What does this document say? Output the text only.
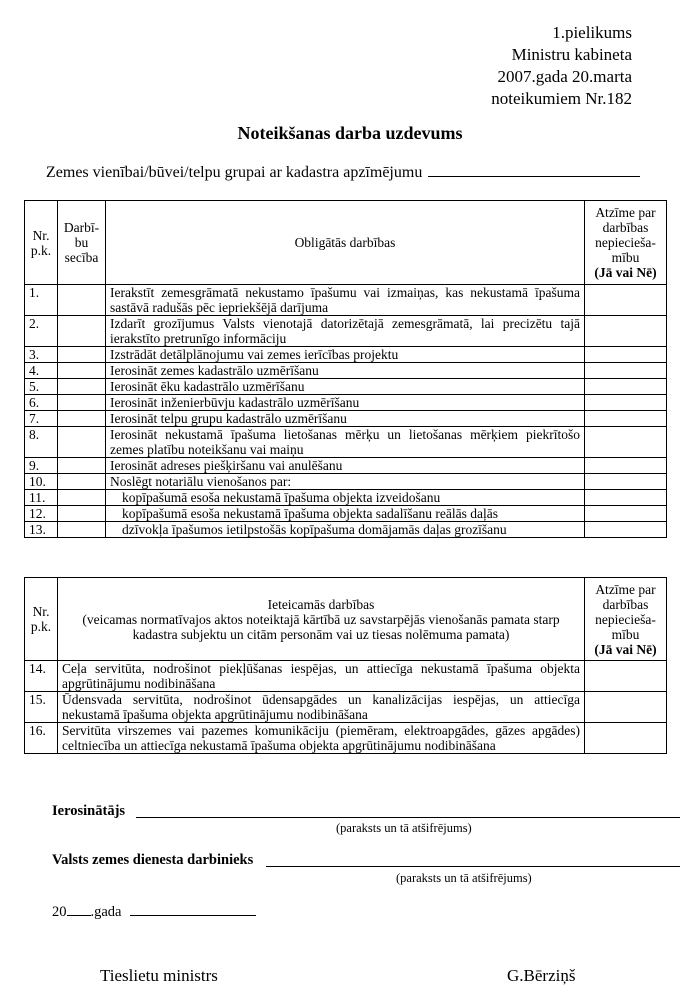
1.pielikums
Ministru kabineta
2007.gada 20.marta
noteikumiem Nr.182
Noteikšanas darba uzdevums
Zemes vienībai/būvei/telpu grupai ar kadastra apzīmējumu
Nr. p.k.	Darbī-bu secība	Obligātās darbības	Atzīme par darbības nepiecieša-mību
(Jā vai Nē)
1.		Ierakstīt zemesgrāmatā nekustamo īpašumu vai izmaiņas, kas nekustamā īpašuma sastāvā radušās pēc iepriekšējā darījuma	
2.		Izdarīt grozījumus Valsts vienotajā datorizētajā zemesgrāmatā, lai precizētu tajā ierakstīto pretrunīgo informāciju	
3.		Izstrādāt detālplānojumu vai zemes ierīcības projektu	
4.		Ierosināt zemes kadastrālo uzmērīšanu	
5.		Ierosināt ēku kadastrālo uzmērīšanu	
6.		Ierosināt inženierbūvju kadastrālo uzmērīšanu	
7.		Ierosināt telpu grupu kadastrālo uzmērīšanu	
8.		Ierosināt nekustamā īpašuma lietošanas mērķu un lietošanas mērķiem piekrītošo zemes platību noteikšanu vai maiņu	
9.		Ierosināt adreses piešķiršanu vai anulēšanu	
10.		Noslēgt notariālu vienošanos par:	
11.		kopīpašumā esoša nekustamā īpašuma objekta izveidošanu	
12.		kopīpašumā esoša nekustamā īpašuma objekta sadalīšanu reālās daļās	
13.		dzīvokļa īpašumos ietilpstošās kopīpašuma domājamās daļas grozīšanu	
Nr. p.k.	Ieteicamās darbības
(veicamas normatīvajos aktos noteiktajā kārtībā uz savstarpējās vienošanās pamata starp kadastra subjektu un citām personām vai uz tiesas nolēmuma pamata)	Atzīme par darbības nepiecieša-mību
(Jā vai Nē)
14.	Ceļa servitūta, nodrošinot piekļūšanas iespējas, un attiecīga nekustamā īpašuma objekta apgrūtinājumu nodibināšana	
15.	Ūdensvada servitūta, nodrošinot ūdensapgādes un kanalizācijas iespējas, un attiecīga nekustamā īpašuma objekta apgrūtinājumu nodibināšana	
16.	Servitūta virszemes vai pazemes komunikāciju (piemēram, elektroapgādes, gāzes apgādes) celtniecība un attiecīga nekustamā īpašuma objekta apgrūtinājumu nodibināšana	
Ierosinātājs
(paraksts un tā atšifrējums)
Valsts zemes dienesta darbinieks
(paraksts un tā atšifrējums)
20 .gada
Tieslietu ministrs	G.Bērziņš
